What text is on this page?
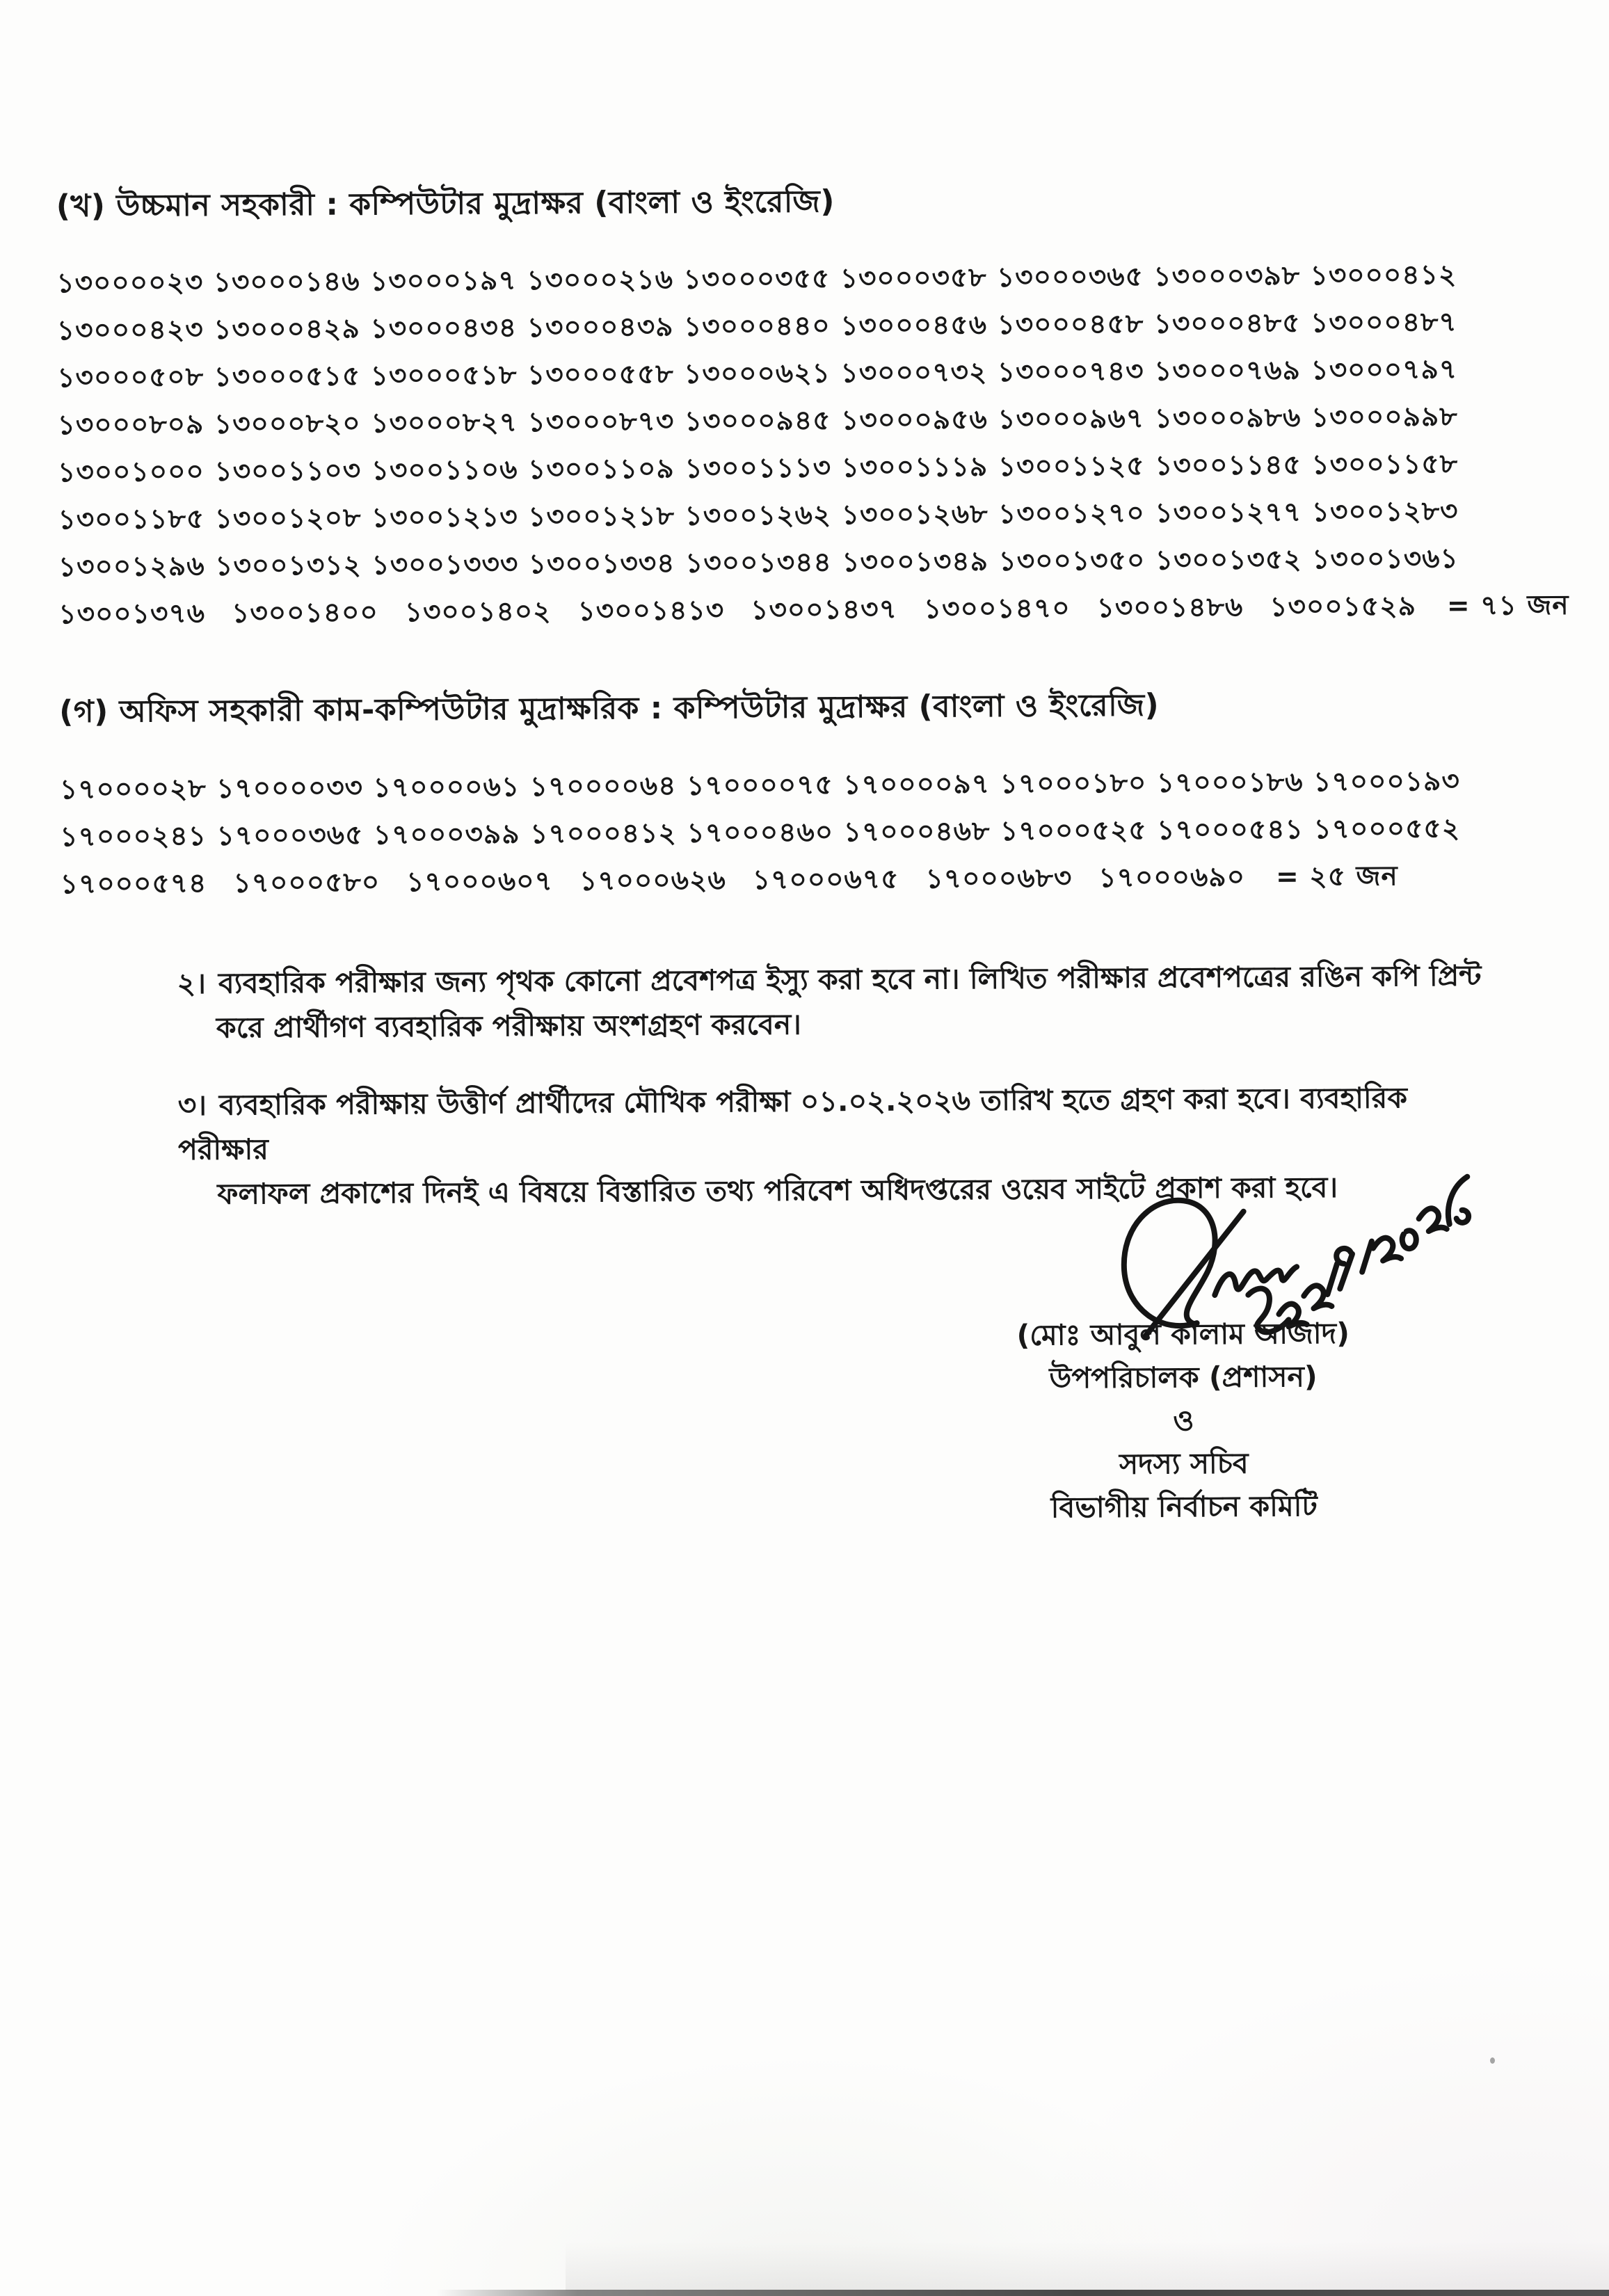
(খ) উচ্চমান সহকারী : কম্পিউটার মুদ্রাক্ষর (বাংলা ও ইংরেজি)
১৩০০০০২৩ ১৩০০০১৪৬ ১৩০০০১৯৭ ১৩০০০২১৬ ১৩০০০৩৫৫ ১৩০০০৩৫৮ ১৩০০০৩৬৫ ১৩০০০৩৯৮ ১৩০০০৪১২
১৩০০০৪২৩ ১৩০০০৪২৯ ১৩০০০৪৩৪ ১৩০০০৪৩৯ ১৩০০০৪৪০ ১৩০০০৪৫৬ ১৩০০০৪৫৮ ১৩০০০৪৮৫ ১৩০০০৪৮৭
১৩০০০৫০৮ ১৩০০০৫১৫ ১৩০০০৫১৮ ১৩০০০৫৫৮ ১৩০০০৬২১ ১৩০০০৭৩২ ১৩০০০৭৪৩ ১৩০০০৭৬৯ ১৩০০০৭৯৭
১৩০০০৮০৯ ১৩০০০৮২০ ১৩০০০৮২৭ ১৩০০০৮৭৩ ১৩০০০৯৪৫ ১৩০০০৯৫৬ ১৩০০০৯৬৭ ১৩০০০৯৮৬ ১৩০০০৯৯৮
১৩০০১০০০ ১৩০০১১০৩ ১৩০০১১০৬ ১৩০০১১০৯ ১৩০০১১১৩ ১৩০০১১১৯ ১৩০০১১২৫ ১৩০০১১৪৫ ১৩০০১১৫৮
১৩০০১১৮৫ ১৩০০১২০৮ ১৩০০১২১৩ ১৩০০১২১৮ ১৩০০১২৬২ ১৩০০১২৬৮ ১৩০০১২৭০ ১৩০০১২৭৭ ১৩০০১২৮৩
১৩০০১২৯৬ ১৩০০১৩১২ ১৩০০১৩৩৩ ১৩০০১৩৩৪ ১৩০০১৩৪৪ ১৩০০১৩৪৯ ১৩০০১৩৫০ ১৩০০১৩৫২ ১৩০০১৩৬১
১৩০০১৩৭৬ ১৩০০১৪০০ ১৩০০১৪০২ ১৩০০১৪১৩ ১৩০০১৪৩৭ ১৩০০১৪৭০ ১৩০০১৪৮৬ ১৩০০১৫২৯ = ৭১ জন
(গ) অফিস সহকারী কাম-কম্পিউটার মুদ্রাক্ষরিক : কম্পিউটার মুদ্রাক্ষর (বাংলা ও ইংরেজি)
১৭০০০০২৮ ১৭০০০০৩৩ ১৭০০০০৬১ ১৭০০০০৬৪ ১৭০০০০৭৫ ১৭০০০০৯৭ ১৭০০০১৮০ ১৭০০০১৮৬ ১৭০০০১৯৩
১৭০০০২৪১ ১৭০০০৩৬৫ ১৭০০০৩৯৯ ১৭০০০৪১২ ১৭০০০৪৬০ ১৭০০০৪৬৮ ১৭০০০৫২৫ ১৭০০০৫৪১ ১৭০০০৫৫২
১৭০০০৫৭৪ ১৭০০০৫৮০ ১৭০০০৬০৭ ১৭০০০৬২৬ ১৭০০০৬৭৫ ১৭০০০৬৮৩ ১৭০০০৬৯০ = ২৫ জন
২। ব্যবহারিক পরীক্ষার জন্য পৃথক কোনো প্রবেশপত্র ইস্যু করা হবে না। লিখিত পরীক্ষার প্রবেশপত্রের রঙিন কপি প্রিন্ট
করে প্রার্থীগণ ব্যবহারিক পরীক্ষায় অংশগ্রহণ করবেন।
৩। ব্যবহারিক পরীক্ষায় উত্তীর্ণ প্রার্থীদের মৌখিক পরীক্ষা ০১.০২.২০২৬ তারিখ হতে গ্রহণ করা হবে। ব্যবহারিক পরীক্ষার
ফলাফল প্রকাশের দিনই এ বিষয়ে বিস্তারিত তথ্য পরিবেশ অধিদপ্তরের ওয়েব সাইটে প্রকাশ করা হবে।
(মোঃ আবুল কালাম আজাদ)
উপপরিচালক (প্রশাসন)
ও
সদস্য সচিব
বিভাগীয় নির্বাচন কমিটি
